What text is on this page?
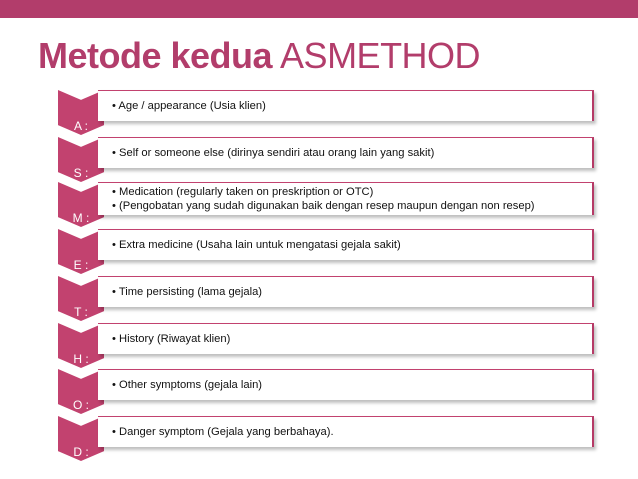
Metode kedua ASMETHOD
A :
• Age / appearance (Usia klien)
S :
• Self or someone else (dirinya sendiri atau orang lain yang sakit)
M :
• Medication (regularly taken on preskription or OTC)
• (Pengobatan yang sudah digunakan baik dengan resep maupun dengan non resep)
E :
• Extra medicine (Usaha lain untuk mengatasi gejala sakit)
T :
• Time persisting (lama gejala)
H :
• History (Riwayat klien)
O :
• Other symptoms (gejala lain)
D :
• Danger symptom (Gejala yang berbahaya).
